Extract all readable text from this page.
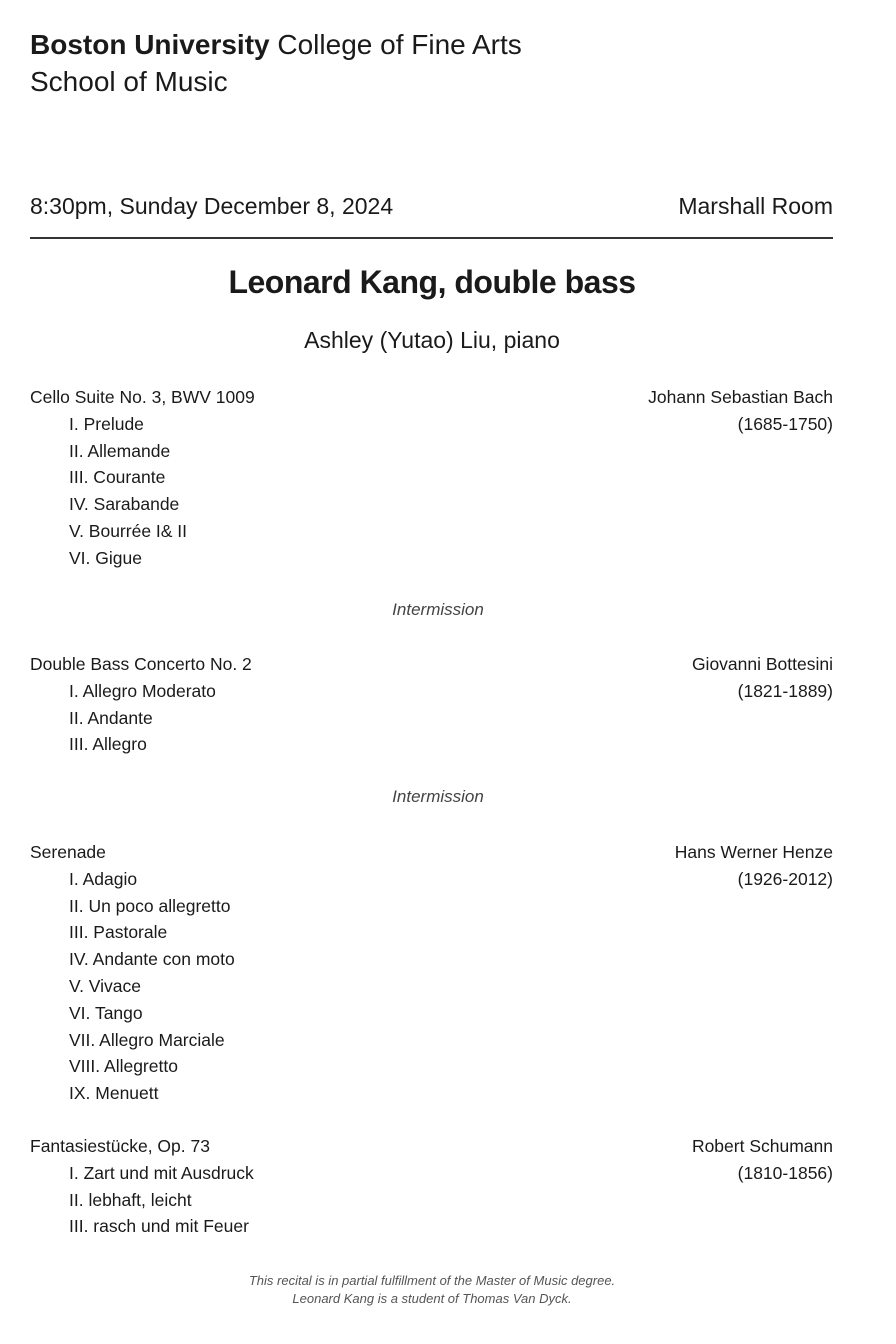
Boston University College of Fine Arts
School of Music
8:30pm, Sunday December 8, 2024	Marshall Room
Leonard Kang, double bass
Ashley (Yutao) Liu, piano
Cello Suite No. 3, BWV 1009	Johann Sebastian Bach
I. Prelude	(1685-1750)
II. Allemande
III. Courante
IV. Sarabande
V. Bourrée I& II
VI. Gigue
Intermission
Double Bass Concerto No. 2	Giovanni Bottesini
I. Allegro Moderato	(1821-1889)
II. Andante
III. Allegro
Intermission
Serenade	Hans Werner Henze
I. Adagio	(1926-2012)
II. Un poco allegretto
III. Pastorale
IV. Andante con moto
V. Vivace
VI. Tango
VII. Allegro Marciale
VIII. Allegretto
IX. Menuett
Fantasiestücke, Op. 73	Robert Schumann
I. Zart und mit Ausdruck	(1810-1856)
II. lebhaft, leicht
III. rasch und mit Feuer
This recital is in partial fulfillment of the Master of Music degree.
Leonard Kang is a student of Thomas Van Dyck.
